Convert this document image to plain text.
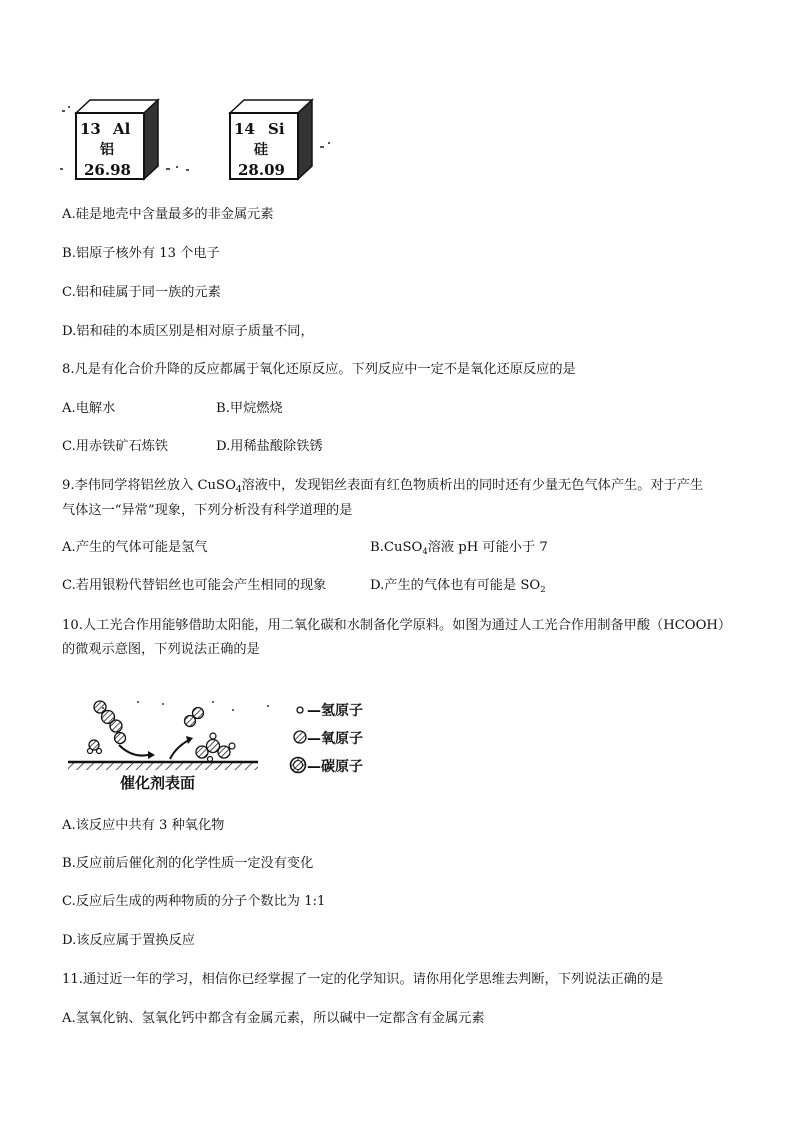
13 Al
铝
26.98
14 Si
硅
28.09
A.硅是地壳中含量最多的非金属元素
B.铝原子核外有 13 个电子
C.铝和硅属于同一族的元素
D.铝和硅的本质区别是相对原子质量不同，
8.凡是有化合价升降的反应都属于氧化还原反应。下列反应中一定不是氧化还原反应的是
A.电解水	B.甲烷燃烧
C.用赤铁矿石炼铁	D.用稀盐酸除铁锈
9.李伟同学将铝丝放入 CuSO$_4$溶液中，发现铝丝表面有红色物质析出的同时还有少量无色气体产生。对于产生
气体这一“异常”现象，下列分析没有科学道理的是
A.产生的气体可能是氢气	B.CuSO$_4$溶液 pH 可能小于 7
C.若用银粉代替铝丝也可能会产生相同的现象	D.产生的气体也有可能是 $SO_2$
10.人工光合作用能够借助太阳能，用二氧化碳和水制备化学原料。如图为通过人工光合作用制备甲酸（HCOOH）
的微观示意图，下列说法正确的是
催化剂表面
—氢原子
—氧原子
—碳原子
A.该反应中共有 3 种氧化物
B.反应前后催化剂的化学性质一定没有变化
C.反应后生成的两种物质的分子个数比为 1:1
D.该反应属于置换反应
11.通过近一年的学习，相信你已经掌握了一定的化学知识。请你用化学思维去判断，下列说法正确的是
A.氢氧化钠、氢氧化钙中都含有金属元素，所以碱中一定都含有金属元素
